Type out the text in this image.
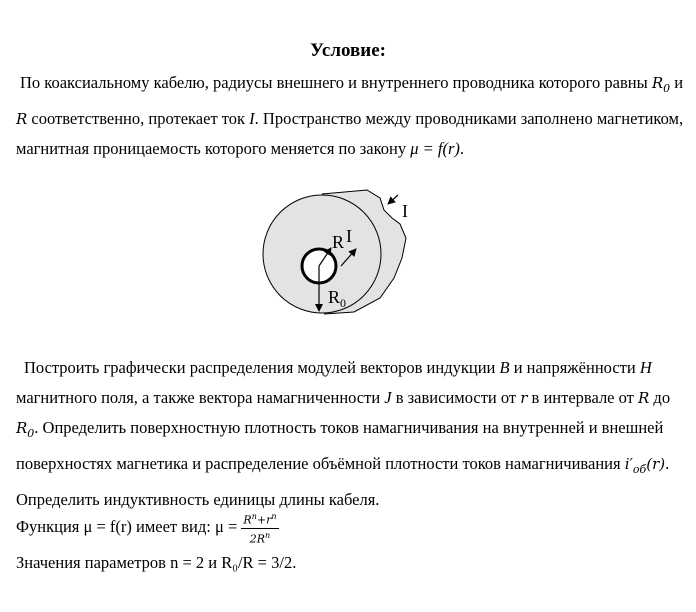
Условие:
По коаксиальному кабелю, радиусы внешнего и внутреннего проводника которого равны $R_0$ и R соответственно, протекает ток I. Пространство между проводниками заполнено магнетиком, магнитная проницаемость которого меняется по закону μ = f(r).
I
R I
$R_0$
Построить графически распределения модулей векторов индукции B и напряжённости H магнитного поля, а также вектора намагниченности J в зависимости от r в интервале от R до $R_0$. Определить поверхностную плотность токов намагничивания на внутренней и внешней поверхностях магнетика и распределение объёмной плотности токов намагничивания $i'_{об}(r)$. Определить индуктивность единицы длины кабеля.
Функция μ = f(r) имеет вид: $\mu = \frac{R^n+r^n}{2R^n}$
Значения параметров n = 2 и R₀/R = 3/2.
